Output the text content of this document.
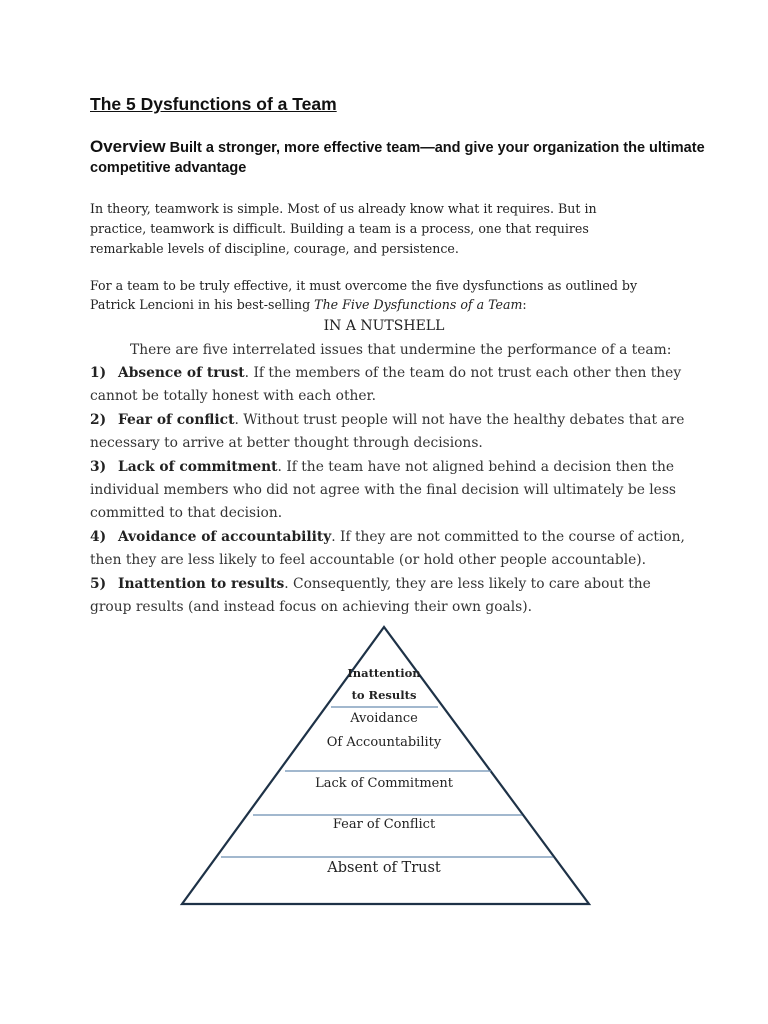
The 5 Dysfunctions of a Team

Overview Built a stronger, more effective team—and give your organization the ultimate competitive advantage

In theory, teamwork is simple. Most of us already know what it requires. But in practice, teamwork is difficult. Building a team is a process, one that requires remarkable levels of discipline, courage, and persistence.

For a team to be truly effective, it must overcome the five dysfunctions as outlined by Patrick Lencioni in his best-selling The Five Dysfunctions of a Team:

IN A NUTSHELL

There are five interrelated issues that undermine the performance of a team:

1) Absence of trust. If the members of the team do not trust each other then they cannot be totally honest with each other.

2) Fear of conflict. Without trust people will not have the healthy debates that are necessary to arrive at better thought through decisions.

3) Lack of commitment. If the team have not aligned behind a decision then the individual members who did not agree with the final decision will ultimately be less committed to that decision.

4) Avoidance of accountability. If they are not committed to the course of action, then they are less likely to feel accountable (or hold other people accountable).

5) Inattention to results. Consequently, they are less likely to care about the group results (and instead focus on achieving their own goals).

Inattention
to Results
Avoidance
Of Accountability
Lack of Commitment
Fear of Conflict
Absent of Trust
